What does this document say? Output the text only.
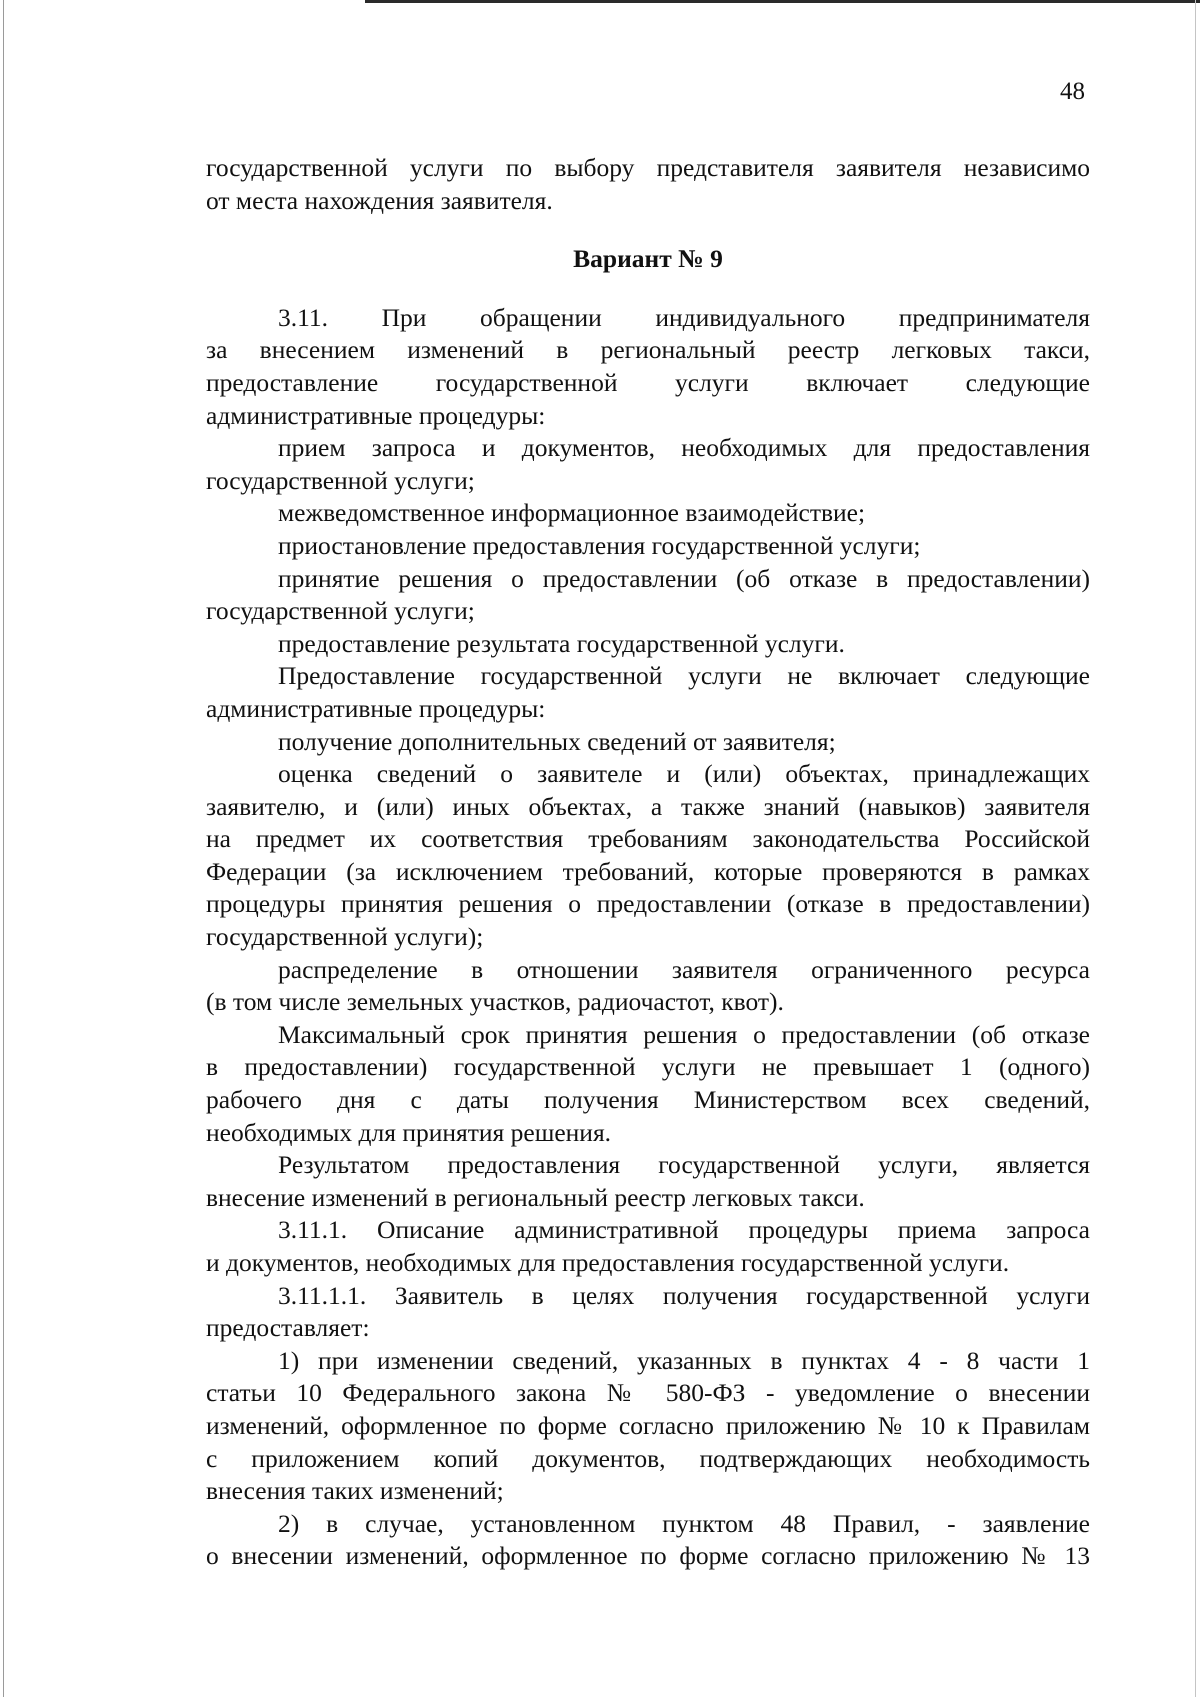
48
государственной услуги по выбору представителя заявителя независимо
от места нахождения заявителя.
Вариант № 9
3.11. При обращении индивидуального предпринимателя
за внесением изменений в региональный реестр легковых такси,
предоставление государственной услуги включает следующие
административные процедуры:
прием запроса и документов, необходимых для предоставления
государственной услуги;
межведомственное информационное взаимодействие;
приостановление предоставления государственной услуги;
принятие решения о предоставлении (об отказе в предоставлении)
государственной услуги;
предоставление результата государственной услуги.
Предоставление государственной услуги не включает следующие
административные процедуры:
получение дополнительных сведений от заявителя;
оценка сведений о заявителе и (или) объектах, принадлежащих
заявителю, и (или) иных объектах, а также знаний (навыков) заявителя
на предмет их соответствия требованиям законодательства Российской
Федерации (за исключением требований, которые проверяются в рамках
процедуры принятия решения о предоставлении (отказе в предоставлении)
государственной услуги);
распределение в отношении заявителя ограниченного ресурса
(в том числе земельных участков, радиочастот, квот).
Максимальный срок принятия решения о предоставлении (об отказе
в предоставлении) государственной услуги не превышает 1 (одного)
рабочего дня с даты получения Министерством всех сведений,
необходимых для принятия решения.
Результатом предоставления государственной услуги, является
внесение изменений в региональный реестр легковых такси.
3.11.1. Описание административной процедуры приема запроса
и документов, необходимых для предоставления государственной услуги.
3.11.1.1. Заявитель в целях получения государственной услуги
предоставляет:
1) при изменении сведений, указанных в пунктах 4 - 8 части 1
статьи 10 Федерального закона № 580-ФЗ - уведомление о внесении
изменений, оформленное по форме согласно приложению № 10 к Правилам
с приложением копий документов, подтверждающих необходимость
внесения таких изменений;
2) в случае, установленном пунктом 48 Правил, - заявление
о внесении изменений, оформленное по форме согласно приложению № 13
